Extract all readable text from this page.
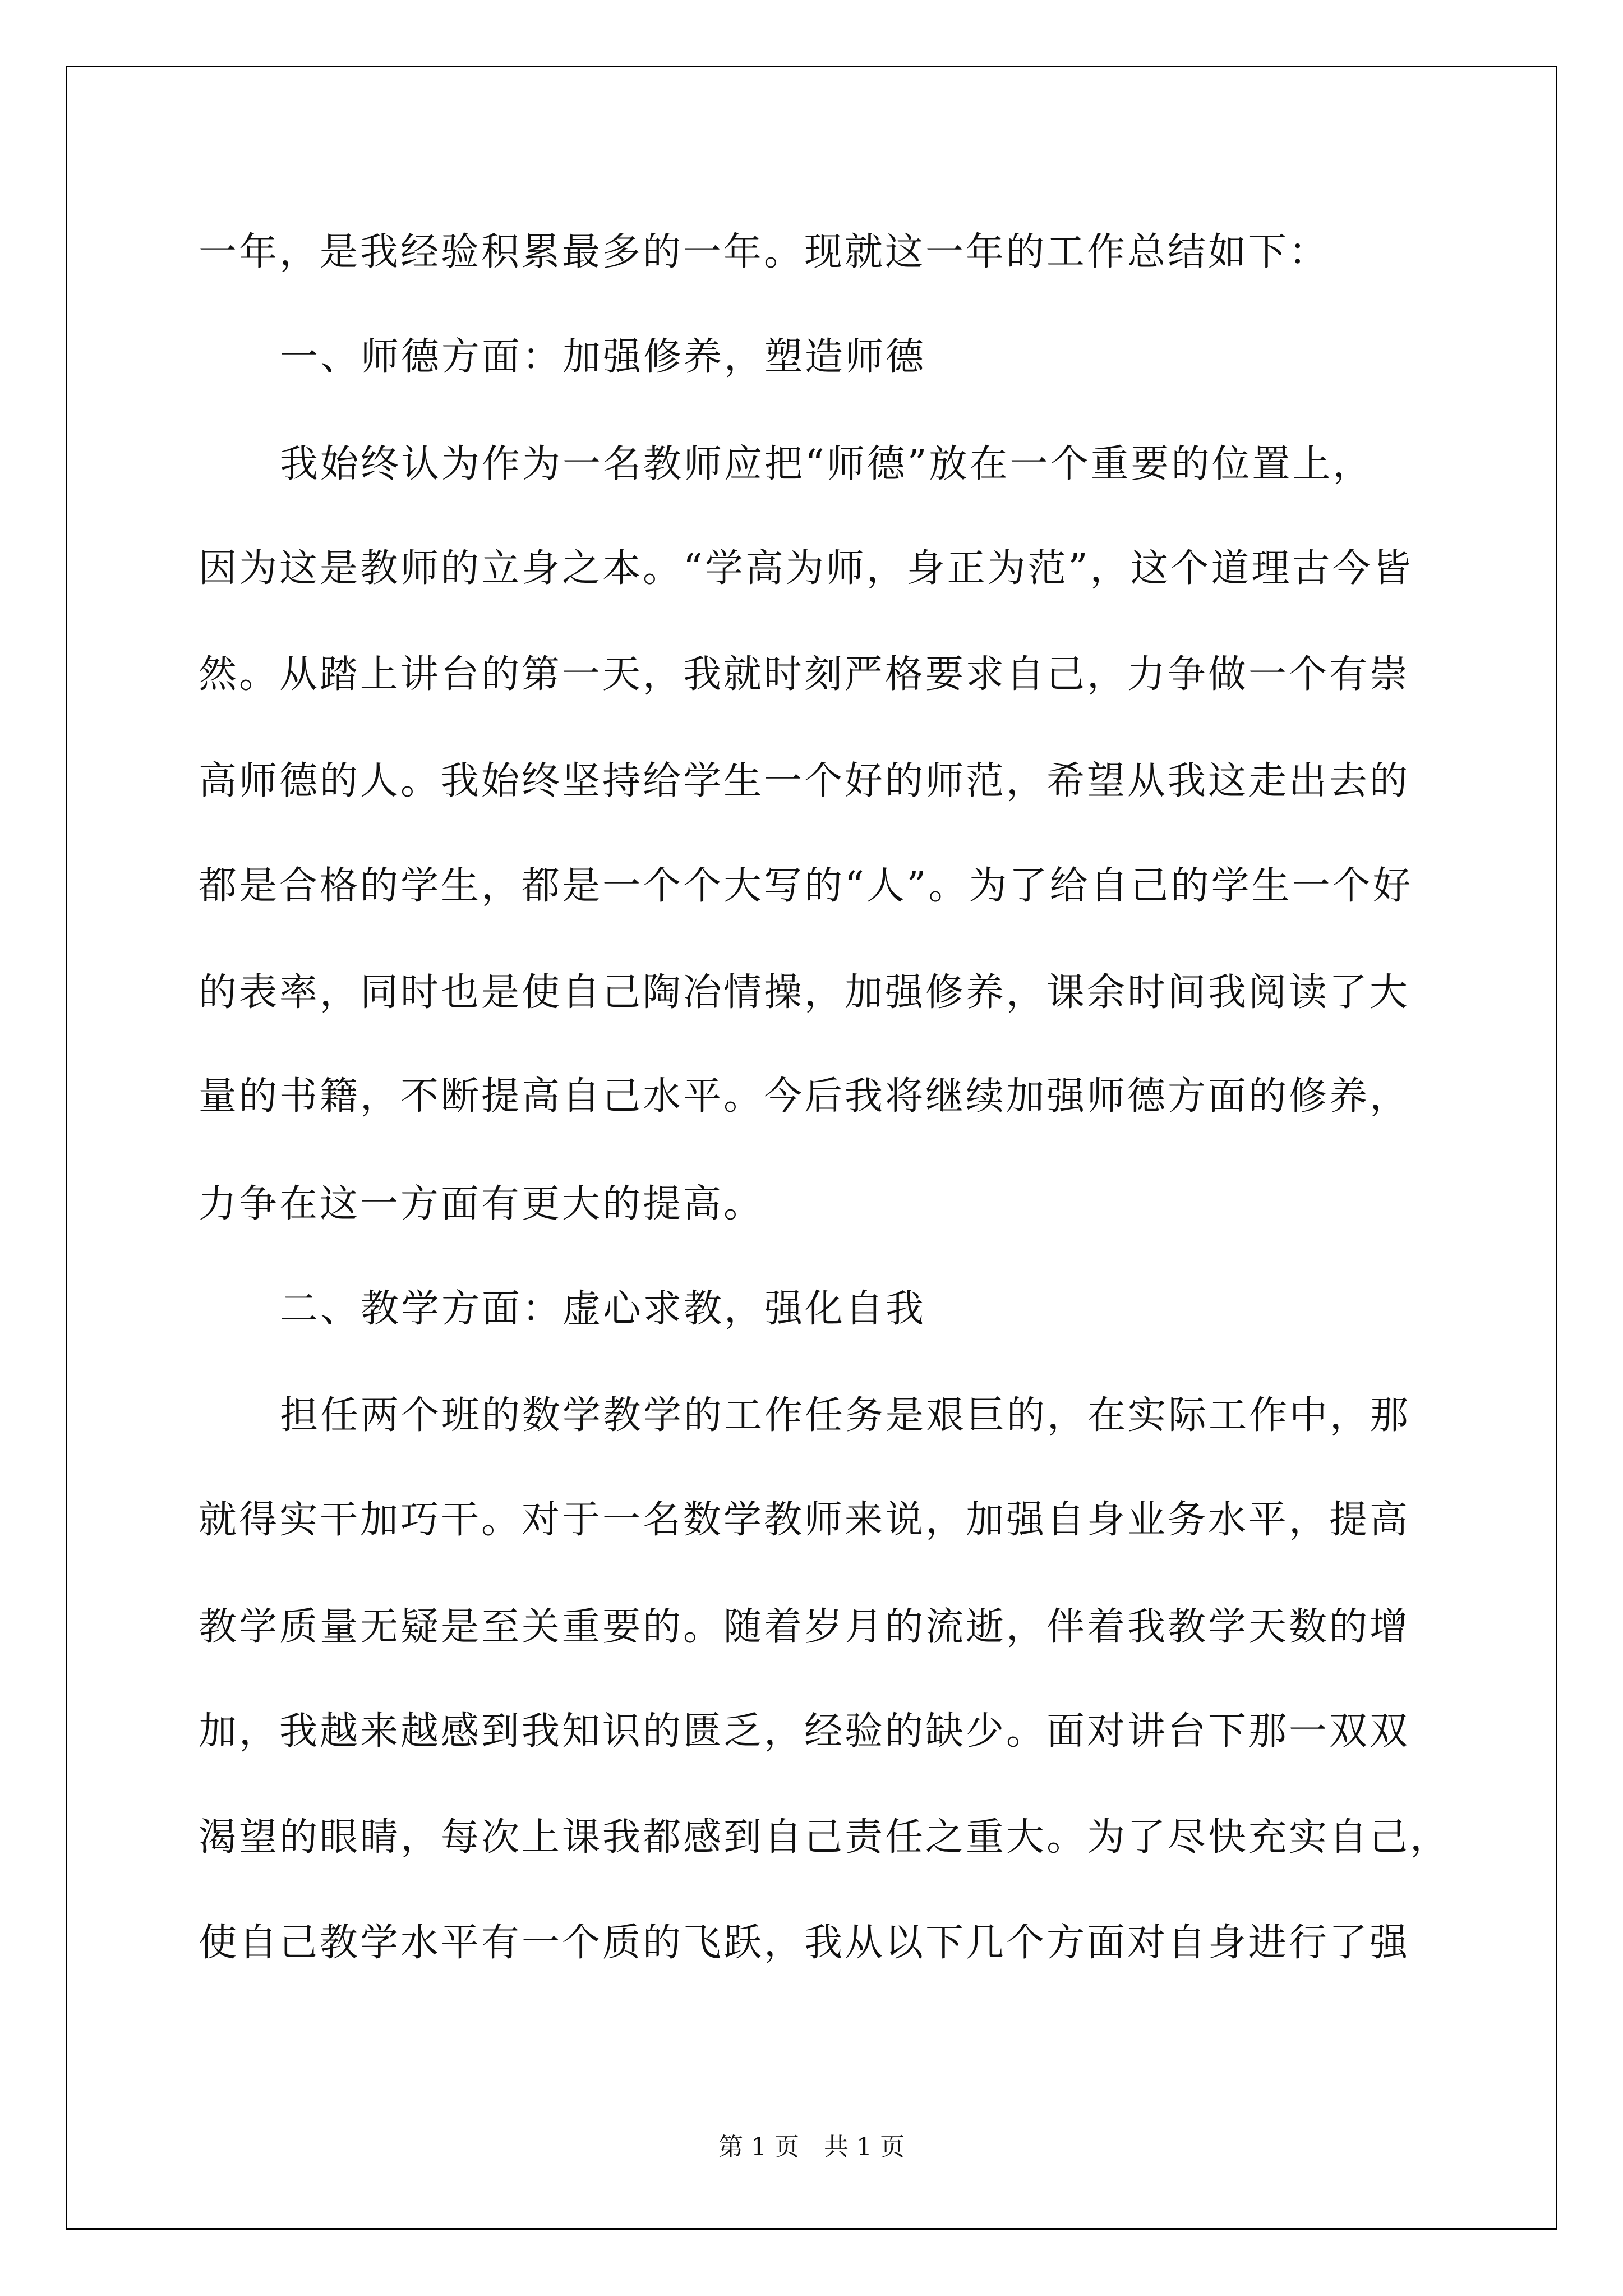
一年，是我经验积累最多的一年。现就这一年的工作总结如下：

一、师德方面：加强修养，塑造师德

我始终认为作为一名教师应把“师德”放在一个重要的位置上，

因为这是教师的立身之本。“学高为师，身正为范”，这个道理古今皆

然。从踏上讲台的第一天，我就时刻严格要求自己，力争做一个有崇

高师德的人。我始终坚持给学生一个好的师范，希望从我这走出去的

都是合格的学生，都是一个个大写的“人”。为了给自己的学生一个好

的表率，同时也是使自己陶冶情操，加强修养，课余时间我阅读了大

量的书籍，不断提高自己水平。今后我将继续加强师德方面的修养，

力争在这一方面有更大的提高。

二、教学方面：虚心求教，强化自我

担任两个班的数学教学的工作任务是艰巨的，在实际工作中，那

就得实干加巧干。对于一名数学教师来说，加强自身业务水平，提高

教学质量无疑是至关重要的。随着岁月的流逝，伴着我教学天数的增

加，我越来越感到我知识的匮乏，经验的缺少。面对讲台下那一双双

渴望的眼睛，每次上课我都感到自己责任之重大。为了尽快充实自己，

使自己教学水平有一个质的飞跃，我从以下几个方面对自身进行了强

第 1 页　共 1 页
